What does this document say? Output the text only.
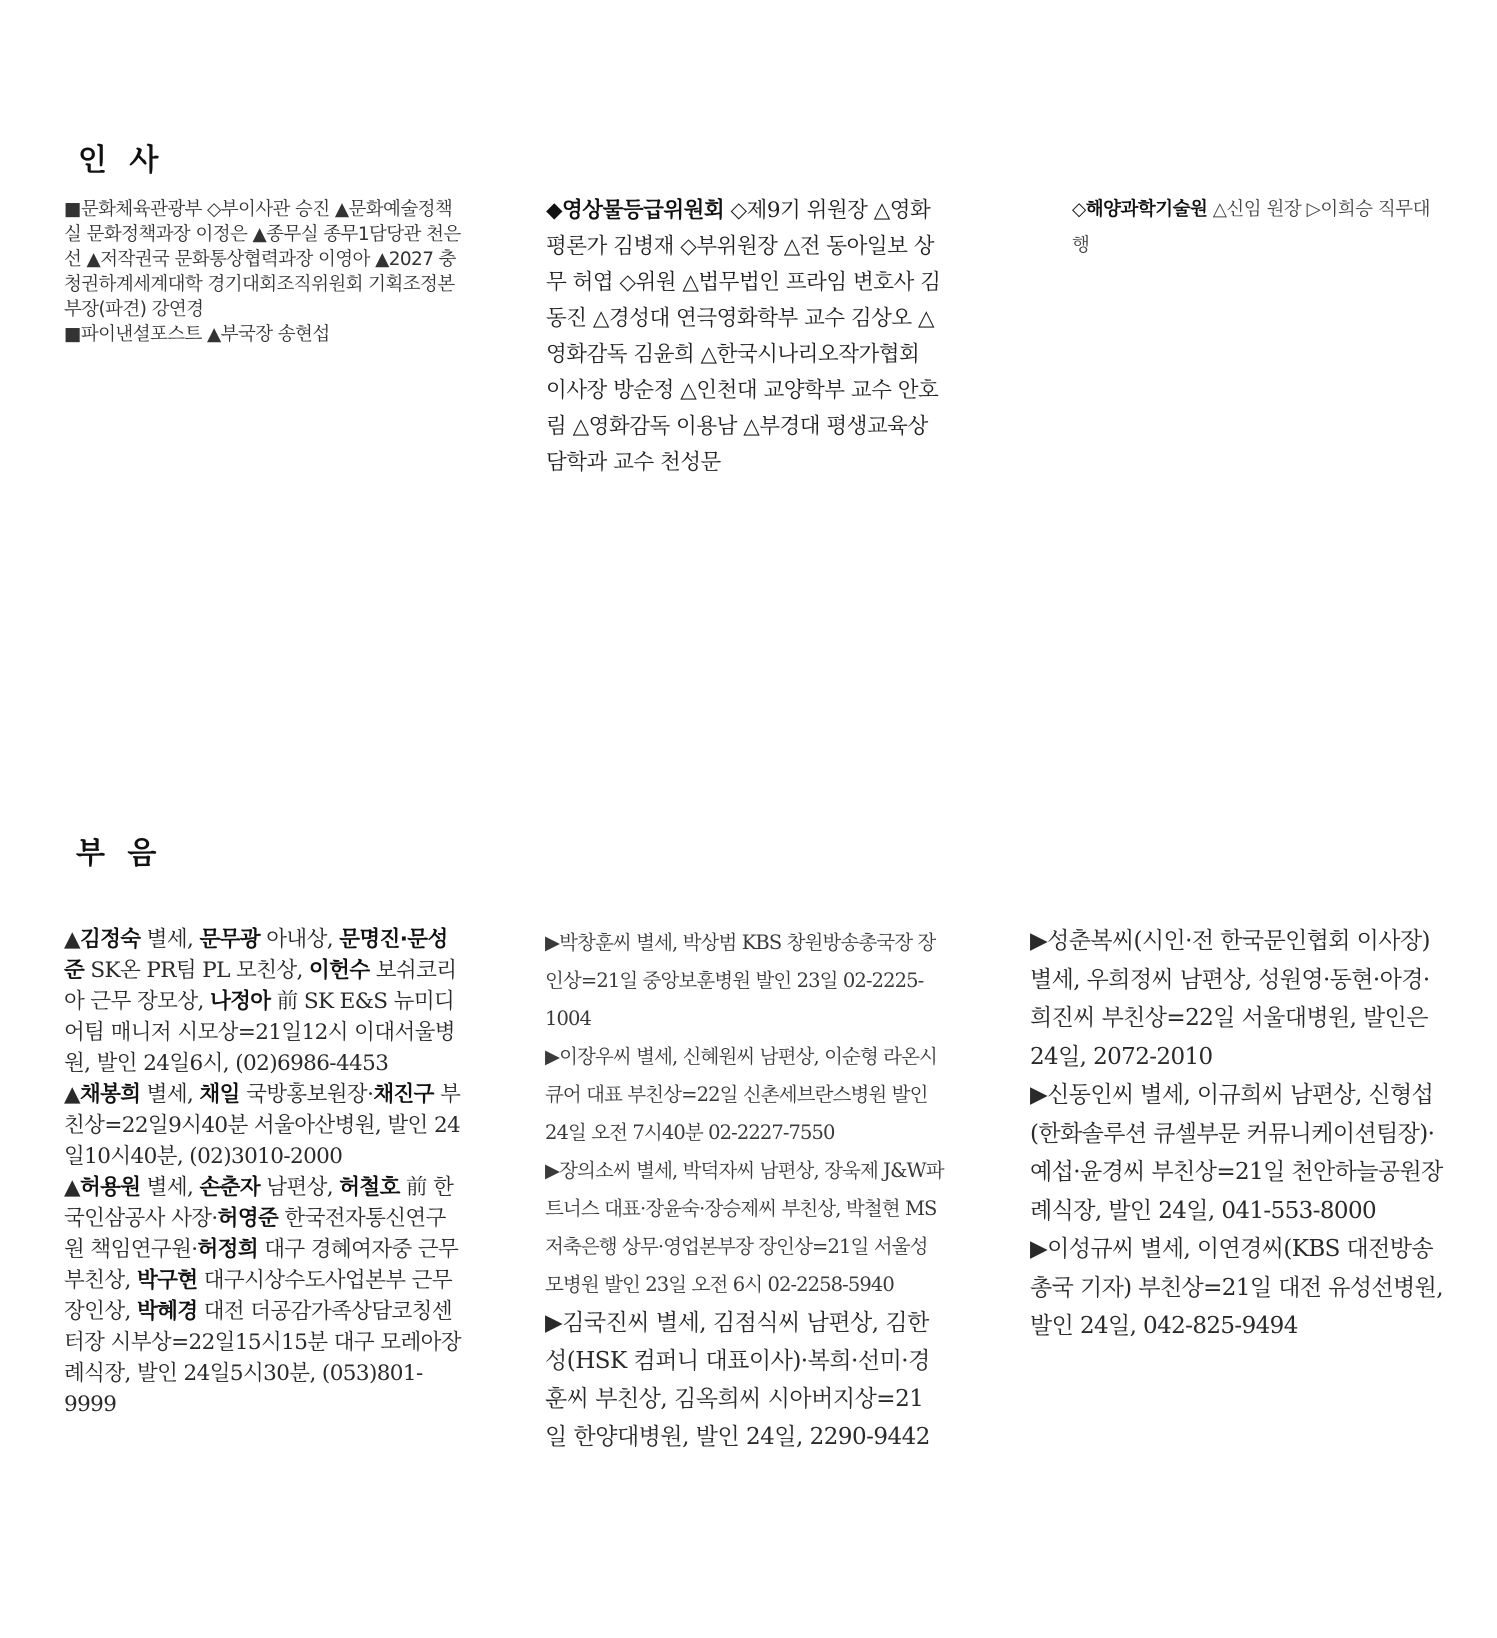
인 사

■문화체육관광부 ◇부이사관 승진 ▲문화예술정책실 문화정책과장 이정은 ▲종무실 종무1담당관 천은선 ▲저작권국 문화통상협력과장 이영아 ▲2027 충청권하계세계대학 경기대회조직위원회 기획조정본부장(파견) 강연경

■파이낸셜포스트 ▲부국장 송현섭

◆영상물등급위원회 ◇제9기 위원장 △영화평론가 김병재 ◇부위원장 △전 동아일보 상무 허엽 ◇위원 △법무법인 프라임 변호사 김동진 △경성대 연극영화학부 교수 김상오 △영화감독 김윤희 △한국시나리오작가협회 이사장 방순정 △인천대 교양학부 교수 안호림 △영화감독 이용남 △부경대 평생교육상담학과 교수 천성문

◇해양과학기술원 △신임 원장 ▷이희승 직무대행

부 음

▲김정숙 별세, 문무광 아내상, 문명진·문성준 SK온 PR팀 PL 모친상, 이헌수 보쉬코리아 근무 장모상, 나정아 前 SK E&S 뉴미디어팀 매니저 시모상=21일12시 이대서울병원, 발인 24일6시, (02)6986-4453

▲채봉희 별세, 채일 국방홍보원장·채진구 부친상=22일9시40분 서울아산병원, 발인 24일10시40분, (02)3010-2000

▲허용원 별세, 손춘자 남편상, 허철호 前 한국인삼공사 사장·허영준 한국전자통신연구원 책임연구원·허정희 대구 경혜여자중 근무 부친상, 박구현 대구시상수도사업본부 근무 장인상, 박혜경 대전 더공감가족상담코칭센터장 시부상=22일15시15분 대구 모레아장례식장, 발인 24일5시30분, (053)801-9999

▶박창훈씨 별세, 박상범 KBS 창원방송총국장 장인상=21일 중앙보훈병원 발인 23일 02-2225-1004

▶이장우씨 별세, 신혜원씨 남편상, 이순형 라온시큐어 대표 부친상=22일 신촌세브란스병원 발인 24일 오전 7시40분 02-2227-7550

▶장의소씨 별세, 박덕자씨 남편상, 장욱제 J&W파트너스 대표·장윤숙·장승제씨 부친상, 박철현 MS저축은행 상무·영업본부장 장인상=21일 서울성모병원 발인 23일 오전 6시 02-2258-5940

▶김국진씨 별세, 김점식씨 남편상, 김한성(HSK 컴퍼니 대표이사)·복희·선미·경훈씨 부친상, 김옥희씨 시아버지상=21일 한양대병원, 발인 24일, 2290-9442

▶성춘복씨(시인·전 한국문인협회 이사장) 별세, 우희정씨 남편상, 성원영·동현·아경·희진씨 부친상=22일 서울대병원, 발인은 24일, 2072-2010

▶신동인씨 별세, 이규희씨 남편상, 신형섭(한화솔루션 큐셀부문 커뮤니케이션팀장)·예섭·윤경씨 부친상=21일 천안하늘공원장례식장, 발인 24일, 041-553-8000

▶이성규씨 별세, 이연경씨(KBS 대전방송총국 기자) 부친상=21일 대전 유성선병원, 발인 24일, 042-825-9494
